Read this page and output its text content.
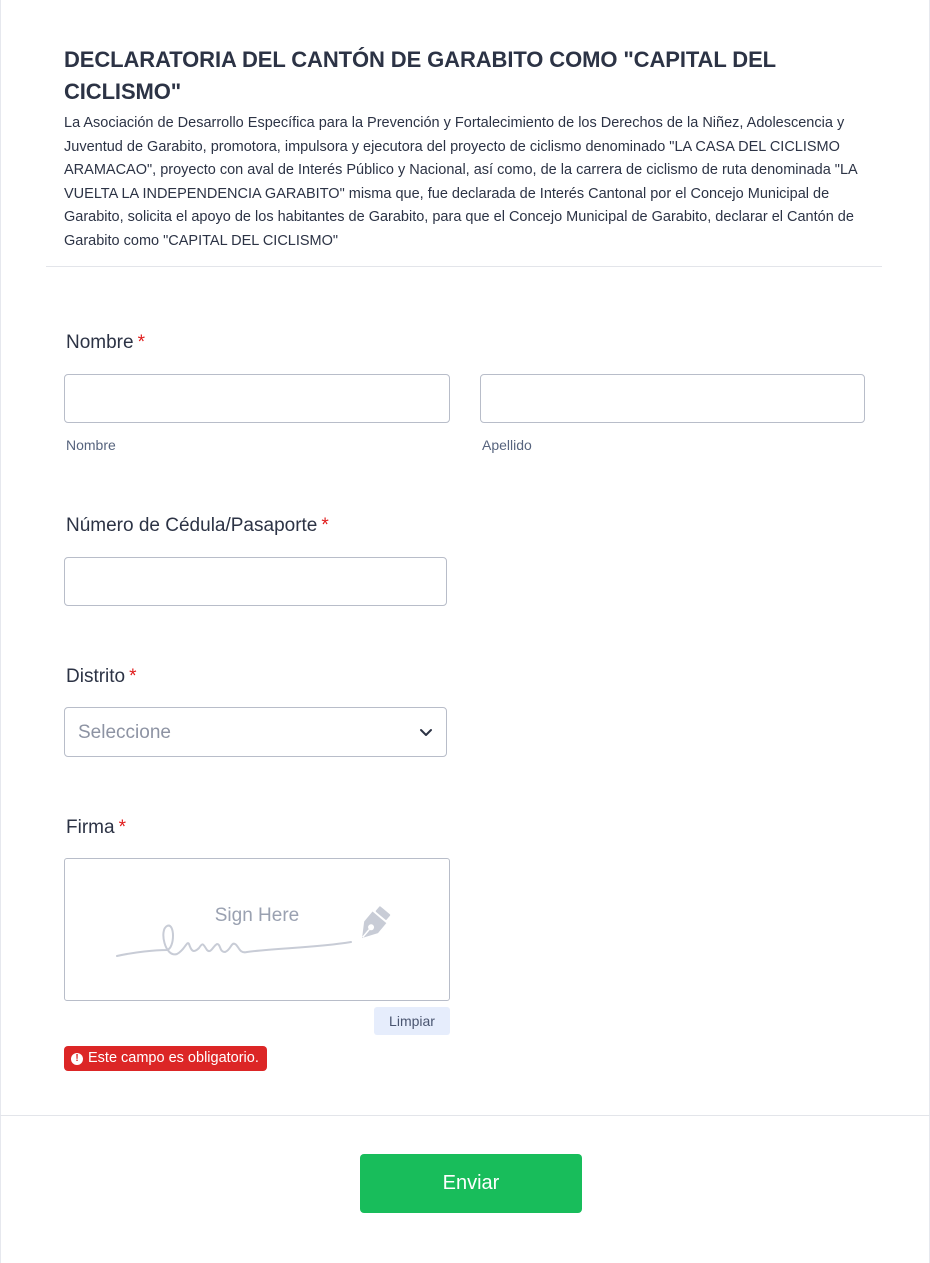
DECLARATORIA DEL CANTÓN DE GARABITO COMO "CAPITAL DEL CICLISMO"

La Asociación de Desarrollo Específica para la Prevención y Fortalecimiento de los Derechos de la Niñez, Adolescencia y Juventud de Garabito, promotora, impulsora y ejecutora del proyecto de ciclismo denominado "LA CASA DEL CICLISMO ARAMACAO", proyecto con aval de Interés Público y Nacional, así como, de la carrera de ciclismo de ruta denominada "LA VUELTA LA INDEPENDENCIA GARABITO" misma que, fue declarada de Interés Cantonal por el Concejo Municipal de Garabito, solicita el apoyo de los habitantes de Garabito, para que el Concejo Municipal de Garabito, declarar el Cantón de Garabito como "CAPITAL DEL CICLISMO"

Nombre *
Nombre	Apellido
Número de Cédula/Pasaporte *
Distrito *
Seleccione
Firma *
Sign Here
Limpiar
! Este campo es obligatorio.
Enviar
